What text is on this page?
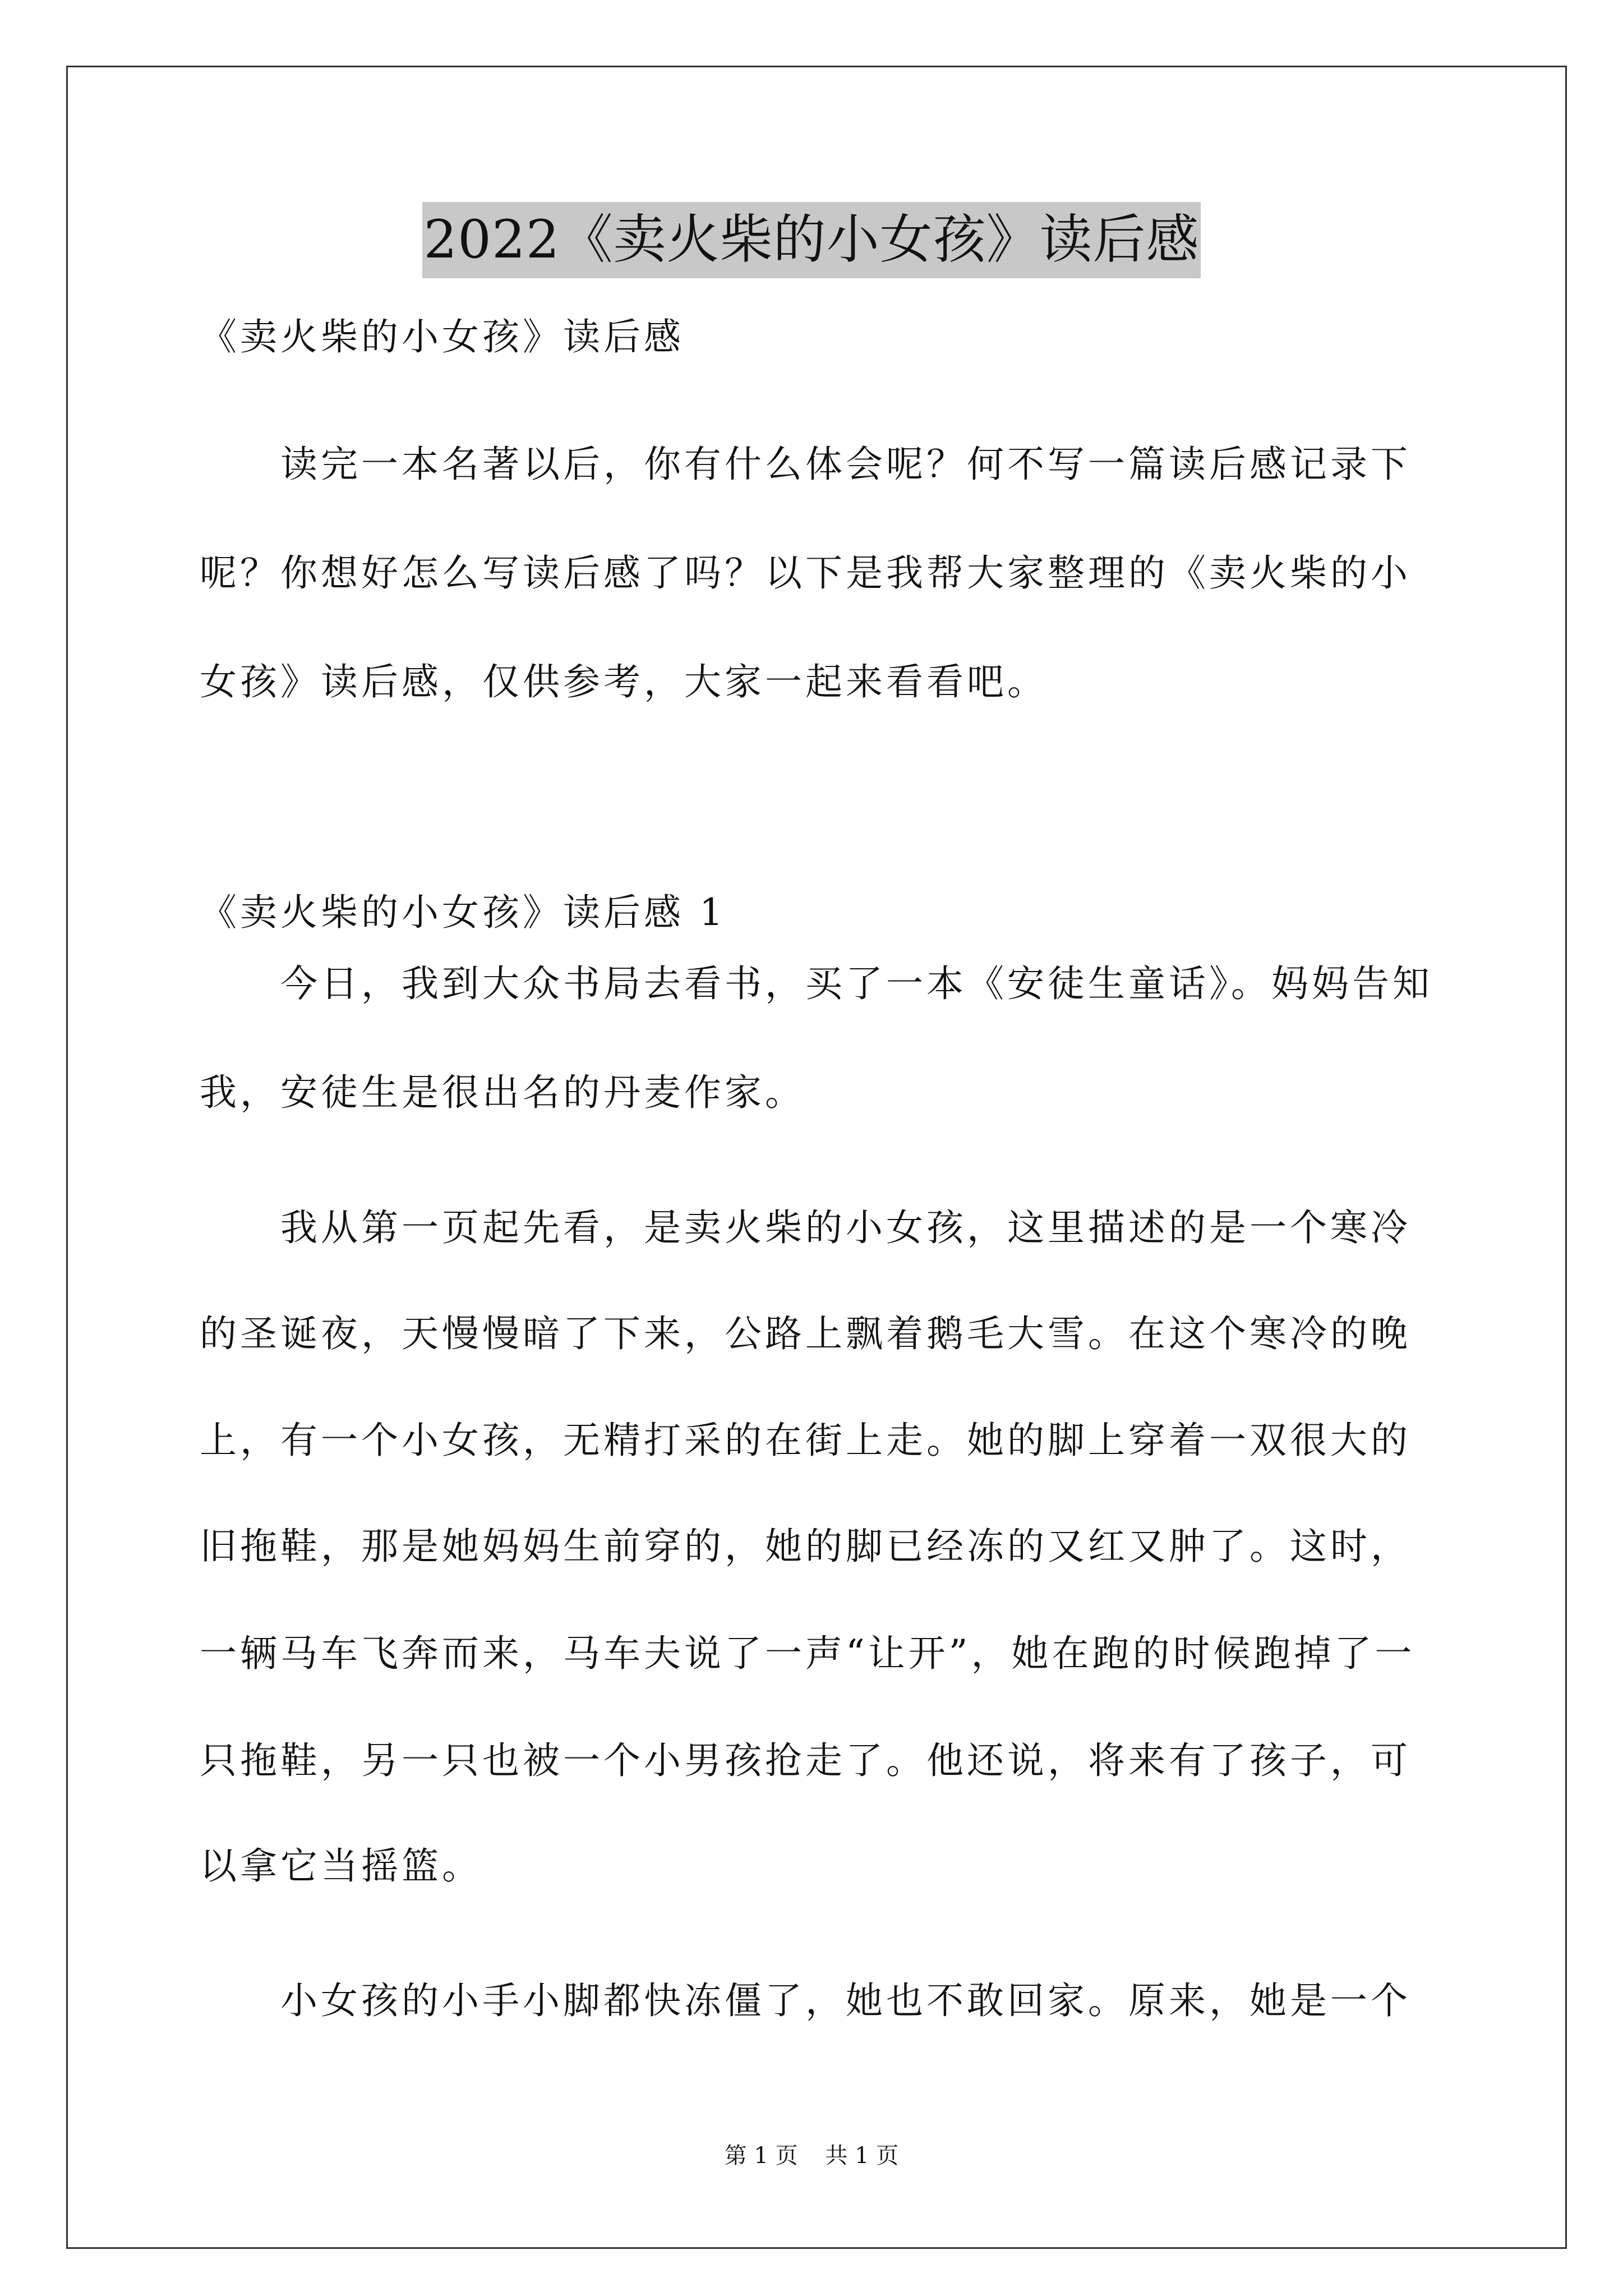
2022《卖火柴的小女孩》读后感
《卖火柴的小女孩》读后感
读完一本名著以后，你有什么体会呢？何不写一篇读后感记录下
呢？你想好怎么写读后感了吗？以下是我帮大家整理的《卖火柴的小
女孩》读后感，仅供参考，大家一起来看看吧。
《卖火柴的小女孩》读后感 1
今日，我到大众书局去看书，买了一本《安徒生童话》。妈妈告知
我，安徒生是很出名的丹麦作家。
我从第一页起先看，是卖火柴的小女孩，这里描述的是一个寒冷
的圣诞夜，天慢慢暗了下来，公路上飘着鹅毛大雪。在这个寒冷的晚
上，有一个小女孩，无精打采的在街上走。她的脚上穿着一双很大的
旧拖鞋，那是她妈妈生前穿的，她的脚已经冻的又红又肿了。这时，
一辆马车飞奔而来，马车夫说了一声“让开”，她在跑的时候跑掉了一
只拖鞋，另一只也被一个小男孩抢走了。他还说，将来有了孩子，可
以拿它当摇篮。
小女孩的小手小脚都快冻僵了，她也不敢回家。原来，她是一个
第 1 页 共 1 页
